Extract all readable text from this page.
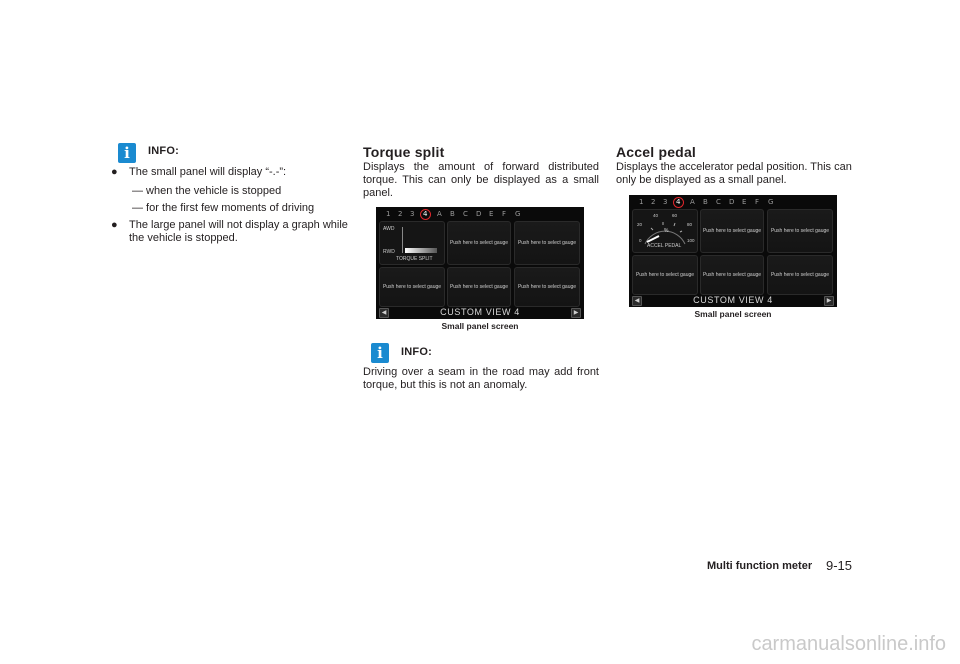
i	INFO:
● The small panel will display “-.-”:
— when the vehicle is stopped
— for the first few moments of driving
● The large panel will not display a graph while the vehicle is stopped.
Torque split
Displays the amount of forward distributed torque. This can only be displayed as a small panel.
1 2 3 4 A B C D E F G
AWD
RWD
TORQUE SPLIT
Push here to select gauge	Push here to select gauge
Push here to select gauge	Push here to select gauge	Push here to select gauge
◀	CUSTOM VIEW 4	▶
Small panel screen
i	INFO:
Driving over a seam in the road may add front torque, but this is not an anomaly.
Accel pedal
Displays the accelerator pedal position. This can only be displayed as a small panel.
1 2 3 4 A B C D E F G
0
20
40	60
80
100
%
ACCEL PEDAL
Push here to select gauge	Push here to select gauge
Push here to select gauge	Push here to select gauge	Push here to select gauge
◀	CUSTOM VIEW 4	▶
Small panel screen
Multi function meter 9-15
carmanualsonline.info
